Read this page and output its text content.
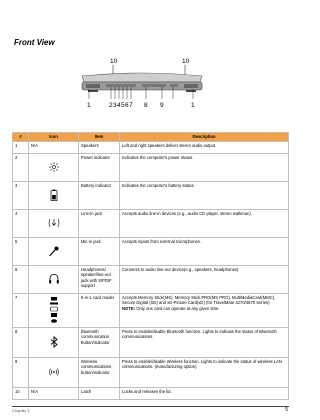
Front View
10	10
1	2 3 4 5 6 7 8 9	1
#	Icon	Item	Description
1	N/A	Speakers	Left and right speakers deliver stereo audio output.
2		Power indicator	Indicates the computer's power status.
3		Battery indicator	Indicates the computer's battery status.
4		Line-in jack	Accepts audio line-in devices (e.g., audio CD player, stereo walkman).
5		Mic-in jack	Accepts inputs from external microphones.
6		Headphones/ speaker/line-out jack with S/PDIF support	Connects to audio line-out device(e.g., speakers, headphones)
7		5-in-1 card reader	Accepts Memory Stick(MS), Memory Stick PRO(MS PRO), MultiMediaCard(MMC), Secure Digital (SD) and xD-Picture Card(xD) (for TravelMate 4270/4670 Series)
NOTE: Only one card can operate at any given time.
8		Bluetooth communication button/indicator	Press to enable/disable Bluetooth function. Lights to indicate the status of Bluetooth communications.
9		Wireless communications button/indicator	Press to enable/disable Wireless function. Lights to indicate the status of wireless LAN communications. (manufacturing option)
10	N/A	Latch	Locks and releases the lid.
Chapter 1	5
